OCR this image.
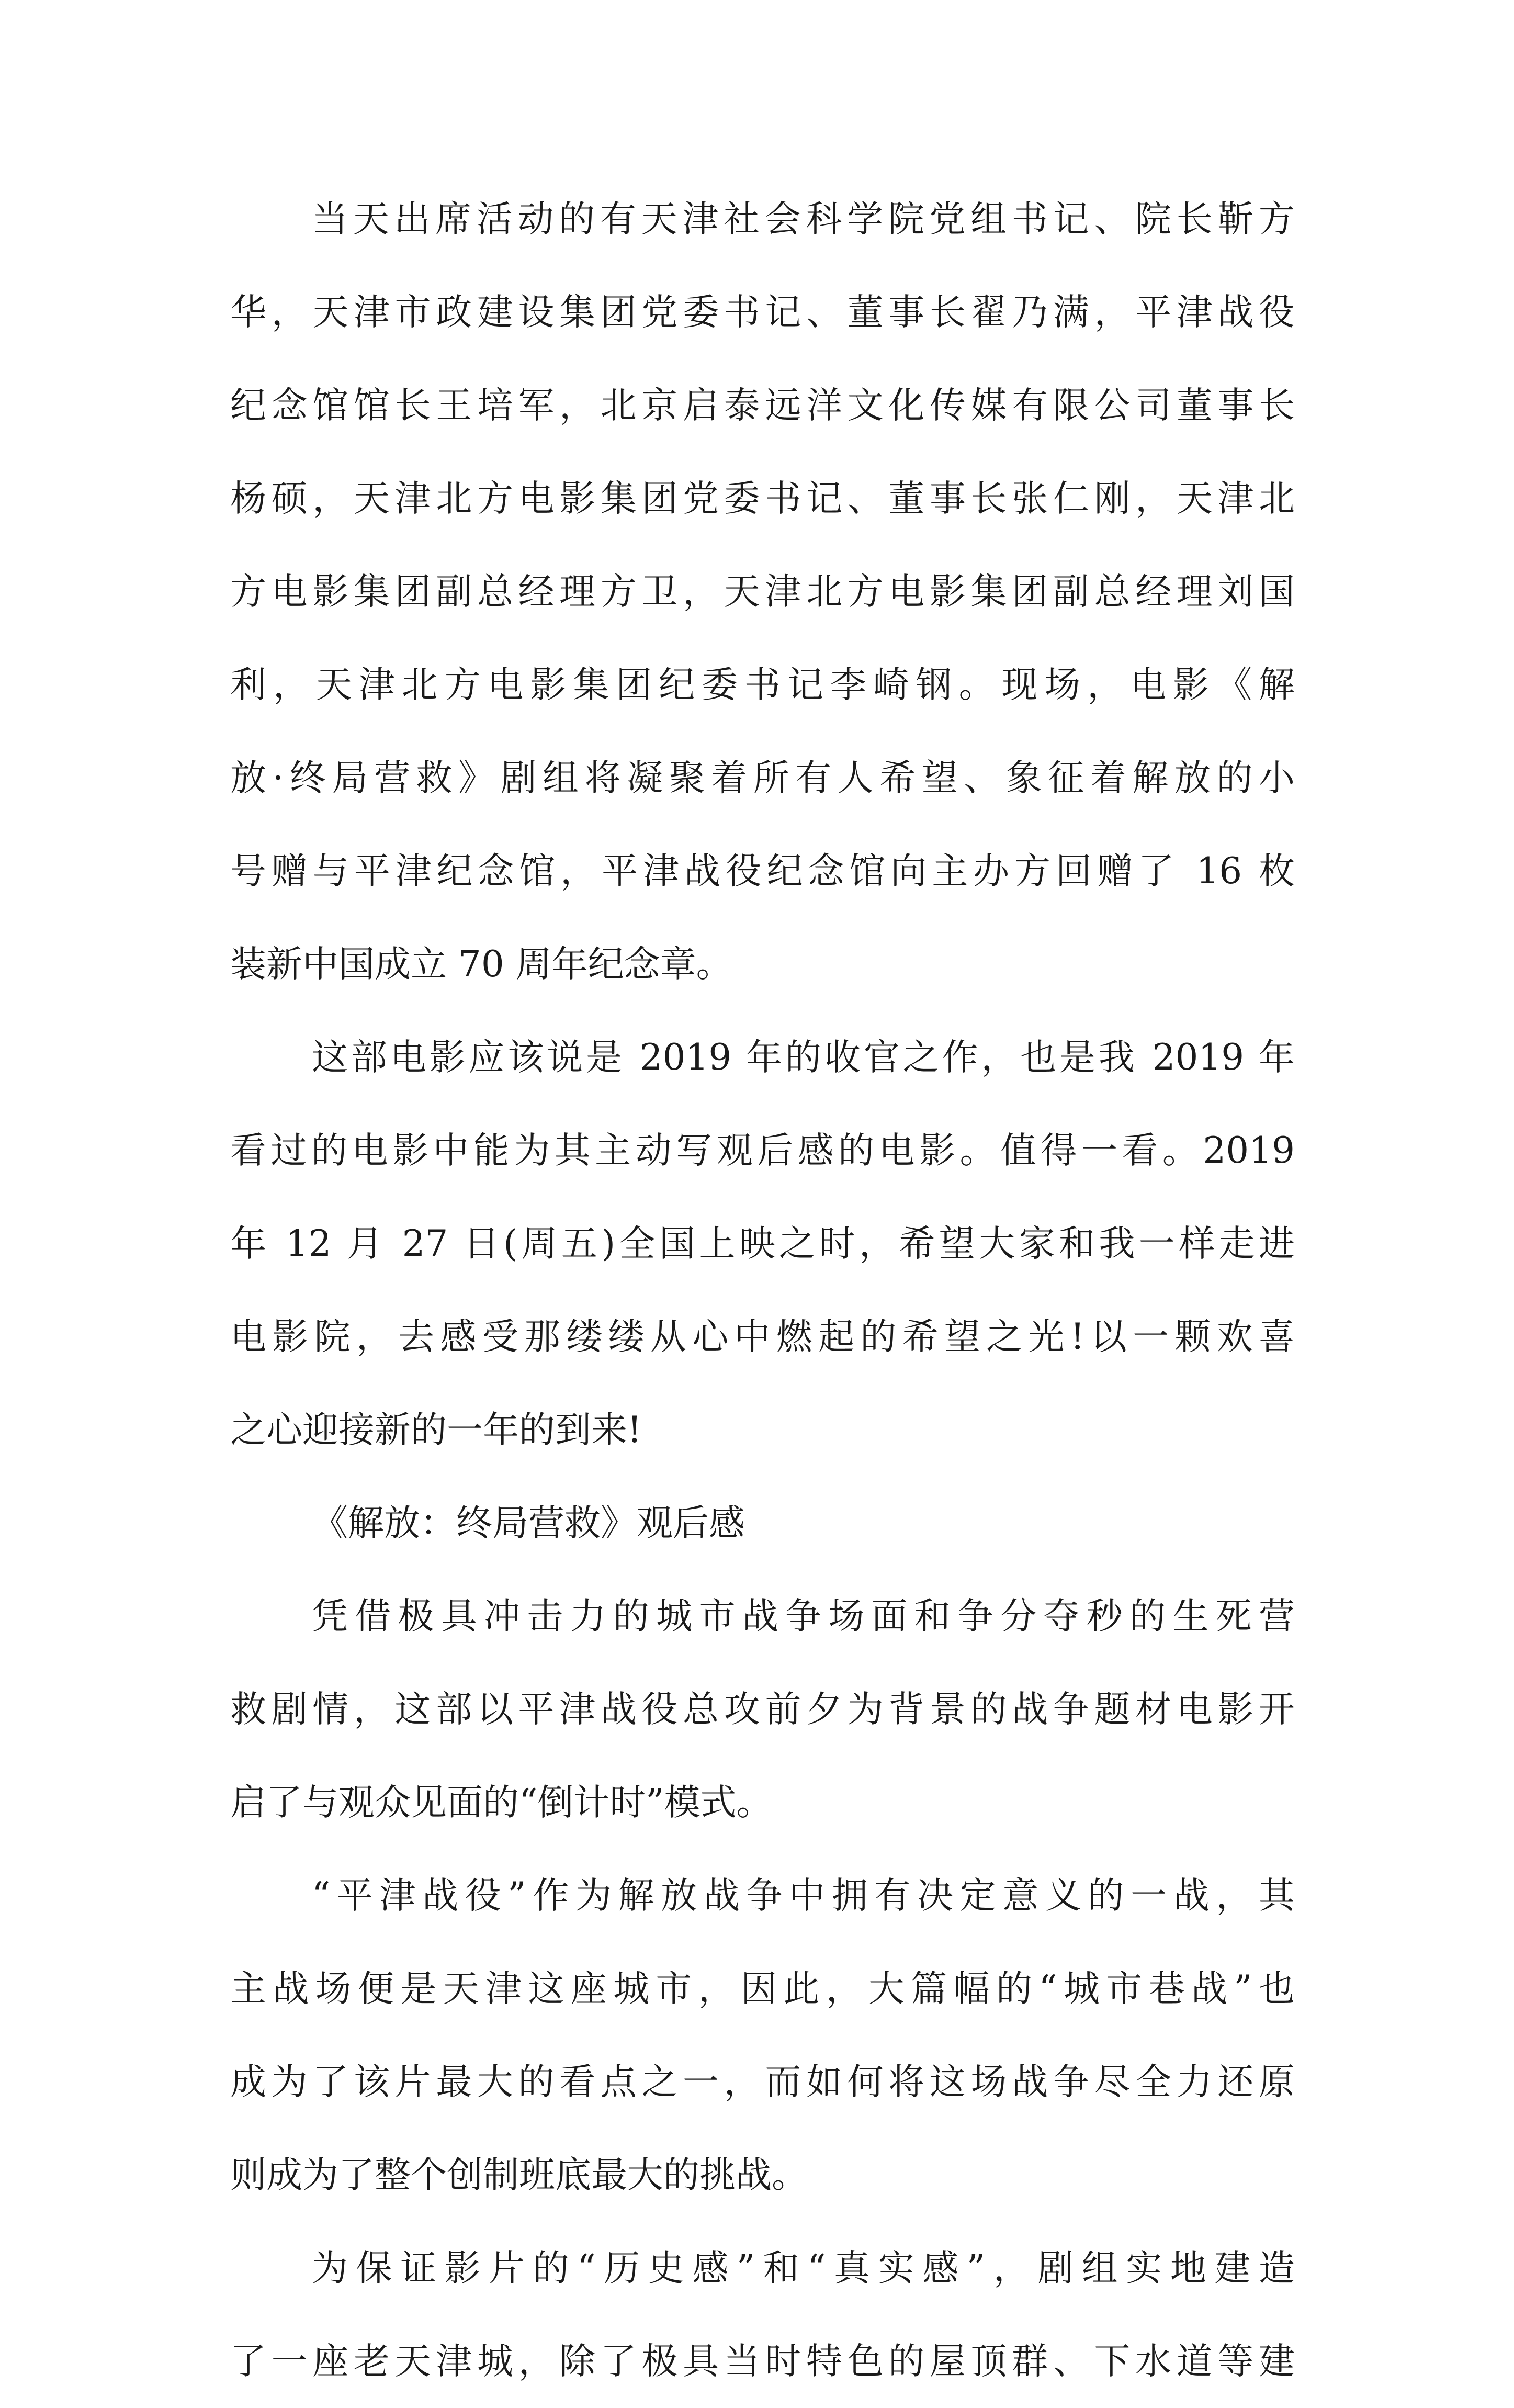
当天出席活动的有天津社会科学院党组书记、院长靳方
华，天津市政建设集团党委书记、董事长翟乃满，平津战役
纪念馆馆长王培军，北京启泰远洋文化传媒有限公司董事长
杨硕，天津北方电影集团党委书记、董事长张仁刚，天津北
方电影集团副总经理方卫，天津北方电影集团副总经理刘国
利，天津北方电影集团纪委书记李崎钢。现场，电影《解
放·终局营救》剧组将凝聚着所有人希望、象征着解放的小
号赠与平津纪念馆，平津战役纪念馆向主办方回赠了 16 枚
装新中国成立 70 周年纪念章。
这部电影应该说是 2019 年的收官之作，也是我 2019 年
看过的电影中能为其主动写观后感的电影。值得一看。2019
年 12 月 27 日(周五)全国上映之时，希望大家和我一样走进
电影院，去感受那缕缕从心中燃起的希望之光!以一颗欢喜
之心迎接新的一年的到来!
《解放：终局营救》观后感
凭借极具冲击力的城市战争场面和争分夺秒的生死营
救剧情，这部以平津战役总攻前夕为背景的战争题材电影开
启了与观众见面的“倒计时”模式。
“平津战役”作为解放战争中拥有决定意义的一战，其
主战场便是天津这座城市，因此，大篇幅的“城市巷战”也
成为了该片最大的看点之一，而如何将这场战争尽全力还原
则成为了整个创制班底最大的挑战。
为保证影片的“历史感”和“真实感”，剧组实地建造
了一座老天津城，除了极具当时特色的屋顶群、下水道等建
